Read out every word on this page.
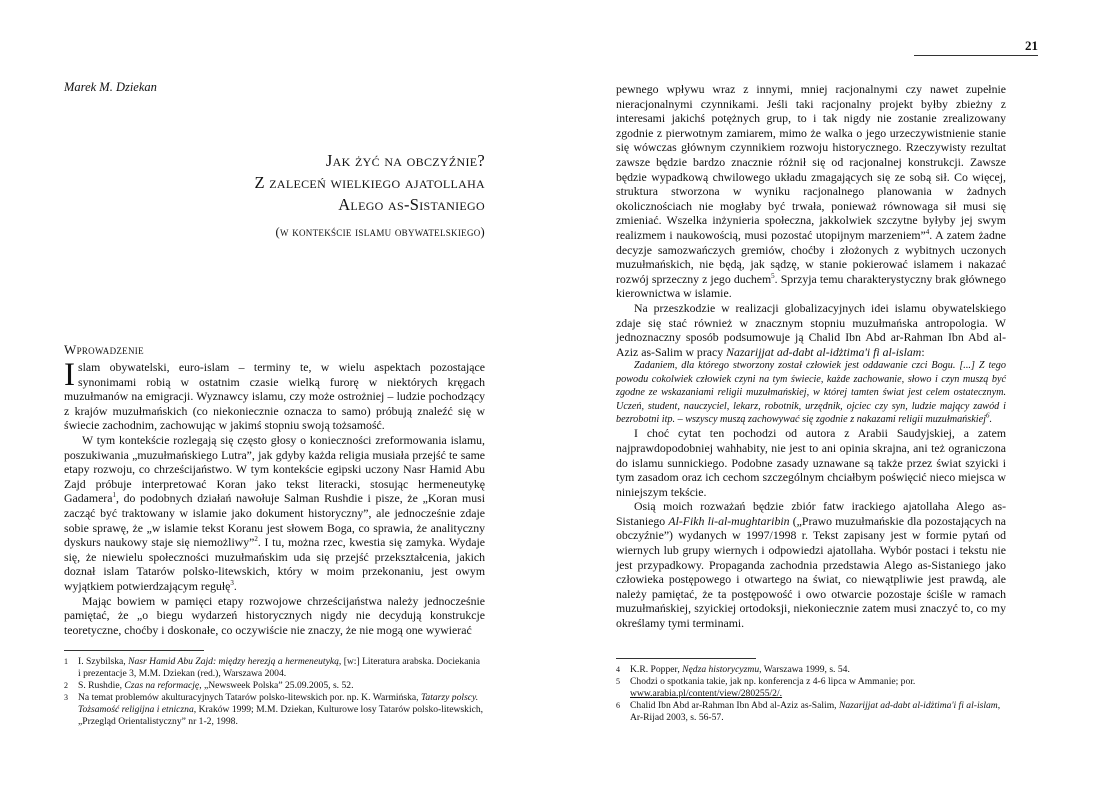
Marek M. Dziekan
Jak żyć na obczyźnie?
Z zaleceń wielkiego ajatollaha
Alego as-Sistaniego
(w kontekście islamu obywatelskiego)
Wprowadzenie

Islam obywatelski, euro-islam – terminy te, w wielu aspektach pozostające synonimami robią w ostatnim czasie wielką furorę w niektórych kręgach muzułmanów na emigracji. Wyznawcy islamu, czy może ostrożniej – ludzie pochodzący z krajów muzułmańskich (co niekoniecznie oznacza to samo) próbują znaleźć się w świecie zachodnim, zachowując w jakimś stopniu swoją tożsamość.

W tym kontekście rozlegają się często głosy o konieczności zreformowania islamu, poszukiwania „muzułmańskiego Lutra”, jak gdyby każda religia musiała przejść te same etapy rozwoju, co chrześcijaństwo. W tym kontekście egipski uczony Nasr Hamid Abu Zajd próbuje interpretować Koran jako tekst literacki, stosując hermeneutykę Gadamera$^1$, do podobnych działań nawołuje Salman Rushdie i pisze, że „Koran musi zacząć być traktowany w islamie jako dokument historyczny”, ale jednocześnie zdaje sobie sprawę, że „w islamie tekst Koranu jest słowem Boga, co sprawia, że analityczny dyskurs naukowy staje się niemożliwy”$^2$. I tu, można rzec, kwestia się zamyka. Wydaje się, że niewielu społeczności muzułmańskim uda się przejść przekształcenia, jakich doznał islam Tatarów polsko-litewskich, który w moim przekonaniu, jest owym wyjątkiem potwierdzającym regułę$^3$.

Mając bowiem w pamięci etapy rozwojowe chrześcijaństwa należy jednocześnie pamiętać, że „o biegu wydarzeń historycznych nigdy nie decydują konstrukcje teoretyczne, choćby i doskonałe, co oczywiście nie znaczy, że nie mogą one wywierać

1 I. Szybilska, Nasr Hamid Abu Zajd: między herezją a hermeneutyką, [w:] Literatura arabska. Dociekania i prezentacje 3, M.M. Dziekan (red.), Warszawa 2004.

2 S. Rushdie, Czas na reformację, „Newsweek Polska” 25.09.2005, s. 52.

3 Na temat problemów akulturacyjnych Tatarów polsko-litewskich por. np. K. Warmińska, Tatarzy polscy. Tożsamość religijna i etniczna, Kraków 1999; M.M. Dziekan, Kulturowe losy Tatarów polsko-litewskich, „Przegląd Orientalistyczny” nr 1-2, 1998.

21

pewnego wpływu wraz z innymi, mniej racjonalnymi czy nawet zupełnie nieracjonalnymi czynnikami. Jeśli taki racjonalny projekt byłby zbieżny z interesami jakichś potężnych grup, to i tak nigdy nie zostanie zrealizowany zgodnie z pierwotnym zamiarem, mimo że walka o jego urzeczywistnienie stanie się wówczas głównym czynnikiem rozwoju historycznego. Rzeczywisty rezultat zawsze będzie bardzo znacznie różnił się od racjonalnej konstrukcji. Zawsze będzie wypadkową chwilowego układu zmagających się ze sobą sił. Co więcej, struktura stworzona w wyniku racjonalnego planowania w żadnych okolicznościach nie mogłaby być trwała, ponieważ równowaga sił musi się zmieniać. Wszelka inżynieria społeczna, jakkolwiek szczytne byłyby jej swym realizmem i naukowością, musi pozostać utopijnym marzeniem”$^4$. A zatem żadne decyzje samozwańczych gremiów, choćby i złożonych z wybitnych uczonych muzułmańskich, nie będą, jak sądzę, w stanie pokierować islamem i nakazać rozwój sprzeczny z jego duchem$^5$. Sprzyja temu charakterystyczny brak głównego kierownictwa w islamie.

Na przeszkodzie w realizacji globalizacyjnych idei islamu obywatelskiego zdaje się stać również w znacznym stopniu muzułmańska antropologia. W jednoznaczny sposób podsumowuje ją Chalid Ibn Abd ar-Rahman Ibn Abd al-Aziz as-Salim w pracy Nazarijjat ad-dabt al-idżtima'i fi al-islam:

Zadaniem, dla którego stworzony został człowiek jest oddawanie czci Bogu. [...] Z tego powodu cokolwiek człowiek czyni na tym świecie, każde zachowanie, słowo i czyn muszą być zgodne ze wskazaniami religii muzułmańskiej, w której tamten świat jest celem ostatecznym. Uczeń, student, nauczyciel, lekarz, robotnik, urzędnik, ojciec czy syn, ludzie mający zawód i bezrobotni itp. – wszyscy muszą zachowywać się zgodnie z nakazami religii muzułmańskiej$^6$.

I choć cytat ten pochodzi od autora z Arabii Saudyjskiej, a zatem najprawdopodobniej wahhabity, nie jest to ani opinia skrajna, ani też ograniczona do islamu sunnickiego. Podobne zasady uznawane są także przez świat szyicki i tym zasadom oraz ich cechom szczególnym chciałbym poświęcić nieco miejsca w niniejszym tekście.

Osią moich rozważań będzie zbiór fatw irackiego ajatollaha Alego as-Sistaniego Al-Fikh li-al-mughtaribin („Prawo muzułmańskie dla pozostających na obczyźnie”) wydanych w 1997/1998 r. Tekst zapisany jest w formie pytań od wiernych lub grupy wiernych i odpowiedzi ajatollaha. Wybór postaci i tekstu nie jest przypadkowy. Propaganda zachodnia przedstawia Alego as-Sistaniego jako człowieka postępowego i otwartego na świat, co niewątpliwie jest prawdą, ale należy pamiętać, że ta postępowość i owo otwarcie pozostaje ściśle w ramach muzułmańskiej, szyickiej ortodoksji, niekoniecznie zatem musi znaczyć to, co my określamy tymi terminami.

4 K.R. Popper, Nędza historycyzmu, Warszawa 1999, s. 54.

5 Chodzi o spotkania takie, jak np. konferencja z 4-6 lipca w Ammanie; por. www.arabia.pl/content/view/280255/2/.

6 Chalid Ibn Abd ar-Rahman Ibn Abd al-Aziz as-Salim, Nazarijjat ad-dabt al-idżtima'i fi al-islam, Ar-Rijad 2003, s. 56-57.
